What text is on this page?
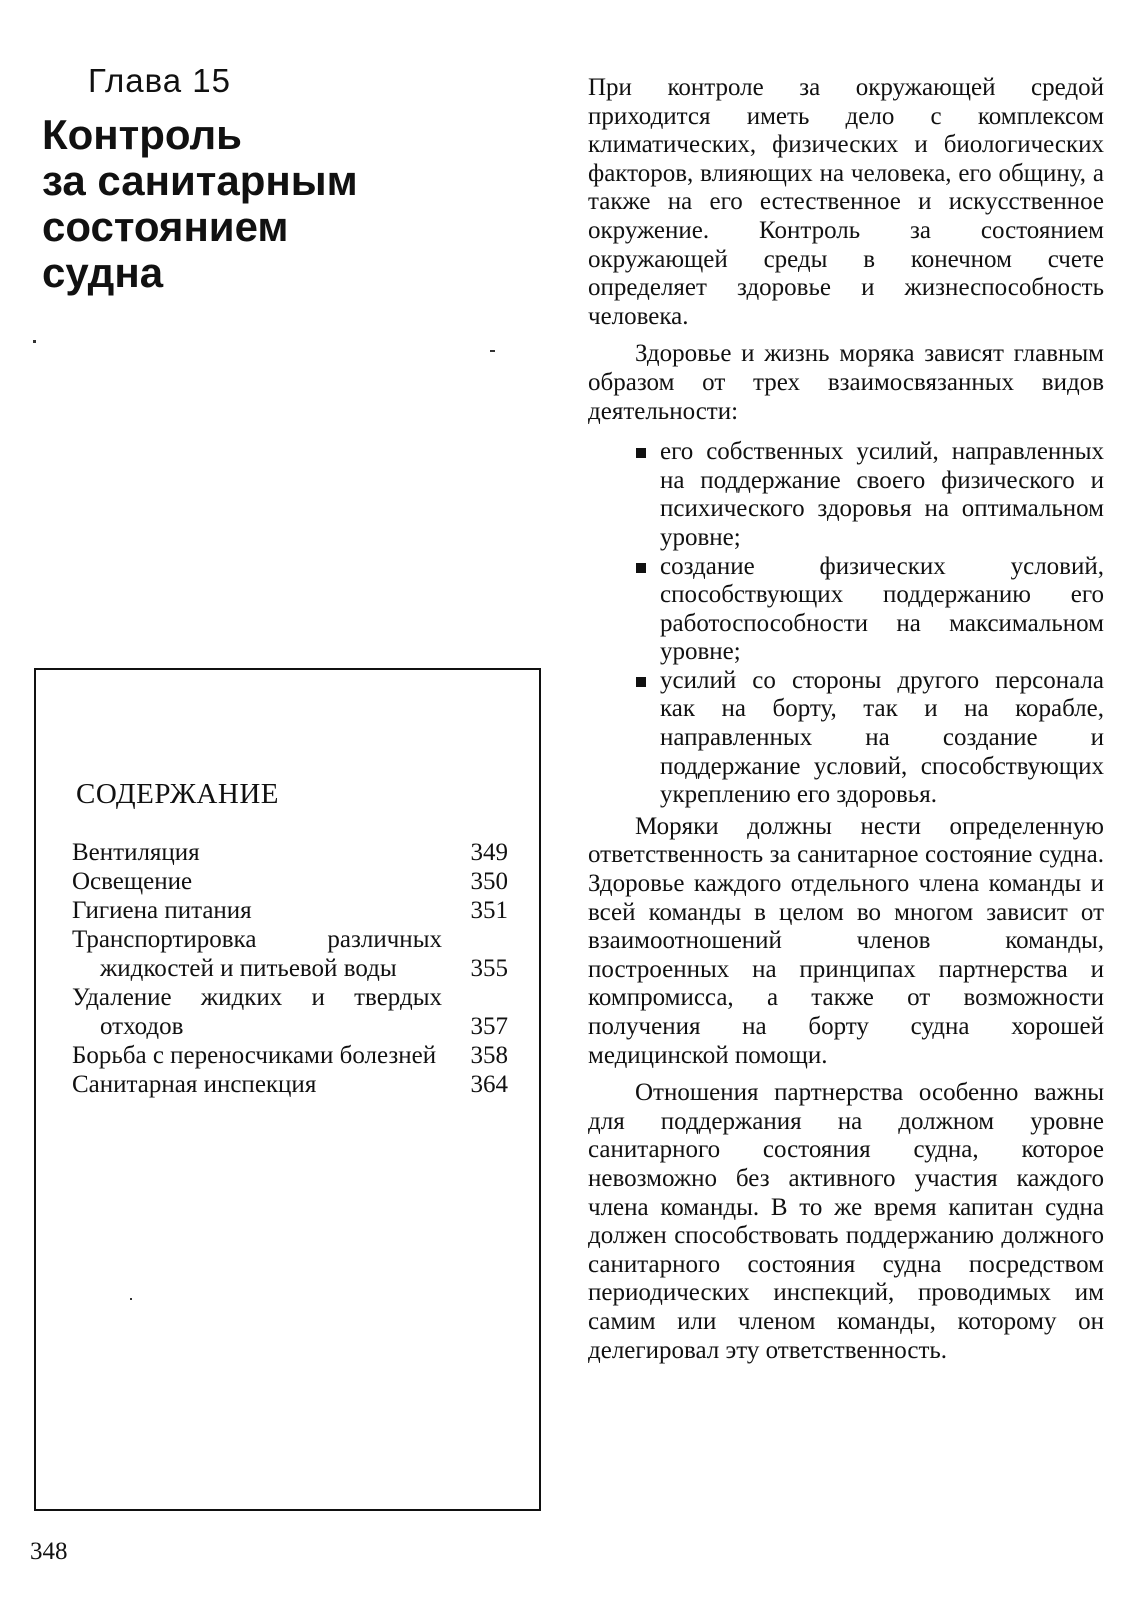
Глава 15
Контроль
за санитарным
состоянием
судна
СОДЕРЖАНИЕ
Вентиляция	349
Освещение	350
Гигиена питания	351
Транспортировка различных жидкостей и питьевой воды	355
Удаление жидких и твердых отходов	357
Борьба с переносчиками болезней 358
Санитарная инспекция	364

При контроле за окружающей средой приходится иметь дело с комплексом климатических, физических и биологических факторов, влияющих на человека, его общину, а также на его естественное и искусственное окружение. Контроль за состоянием окружающей среды в конечном счете определяет здоровье и жизнеспособность человека.

Здоровье и жизнь моряка зависят главным образом от трех взаимосвязанных видов деятельности:

его собственных усилий, направленных на поддержание своего физического и психического здоровья на оптимальном уровне;
создание физических условий, способствующих поддержанию его работоспособности на максимальном уровне;
усилий со стороны другого персонала как на борту, так и на корабле, направленных на создание и поддержание условий, способствующих укреплению его здоровья.

Моряки должны нести определенную ответственность за санитарное состояние судна. Здоровье каждого отдельного члена команды и всей команды в целом во многом зависит от взаимоотношений членов команды, построенных на принципах партнерства и компромисса, а также от возможности получения на борту судна хорошей медицинской помощи.

Отношения партнерства особенно важны для поддержания на должном уровне санитарного состояния судна, которое невозможно без активного участия каждого члена команды. В то же время капитан судна должен способствовать поддержанию должного санитарного состояния судна посредством периодических инспекций, проводимых им самим или членом команды, которому он делегировал эту ответственность.

348
